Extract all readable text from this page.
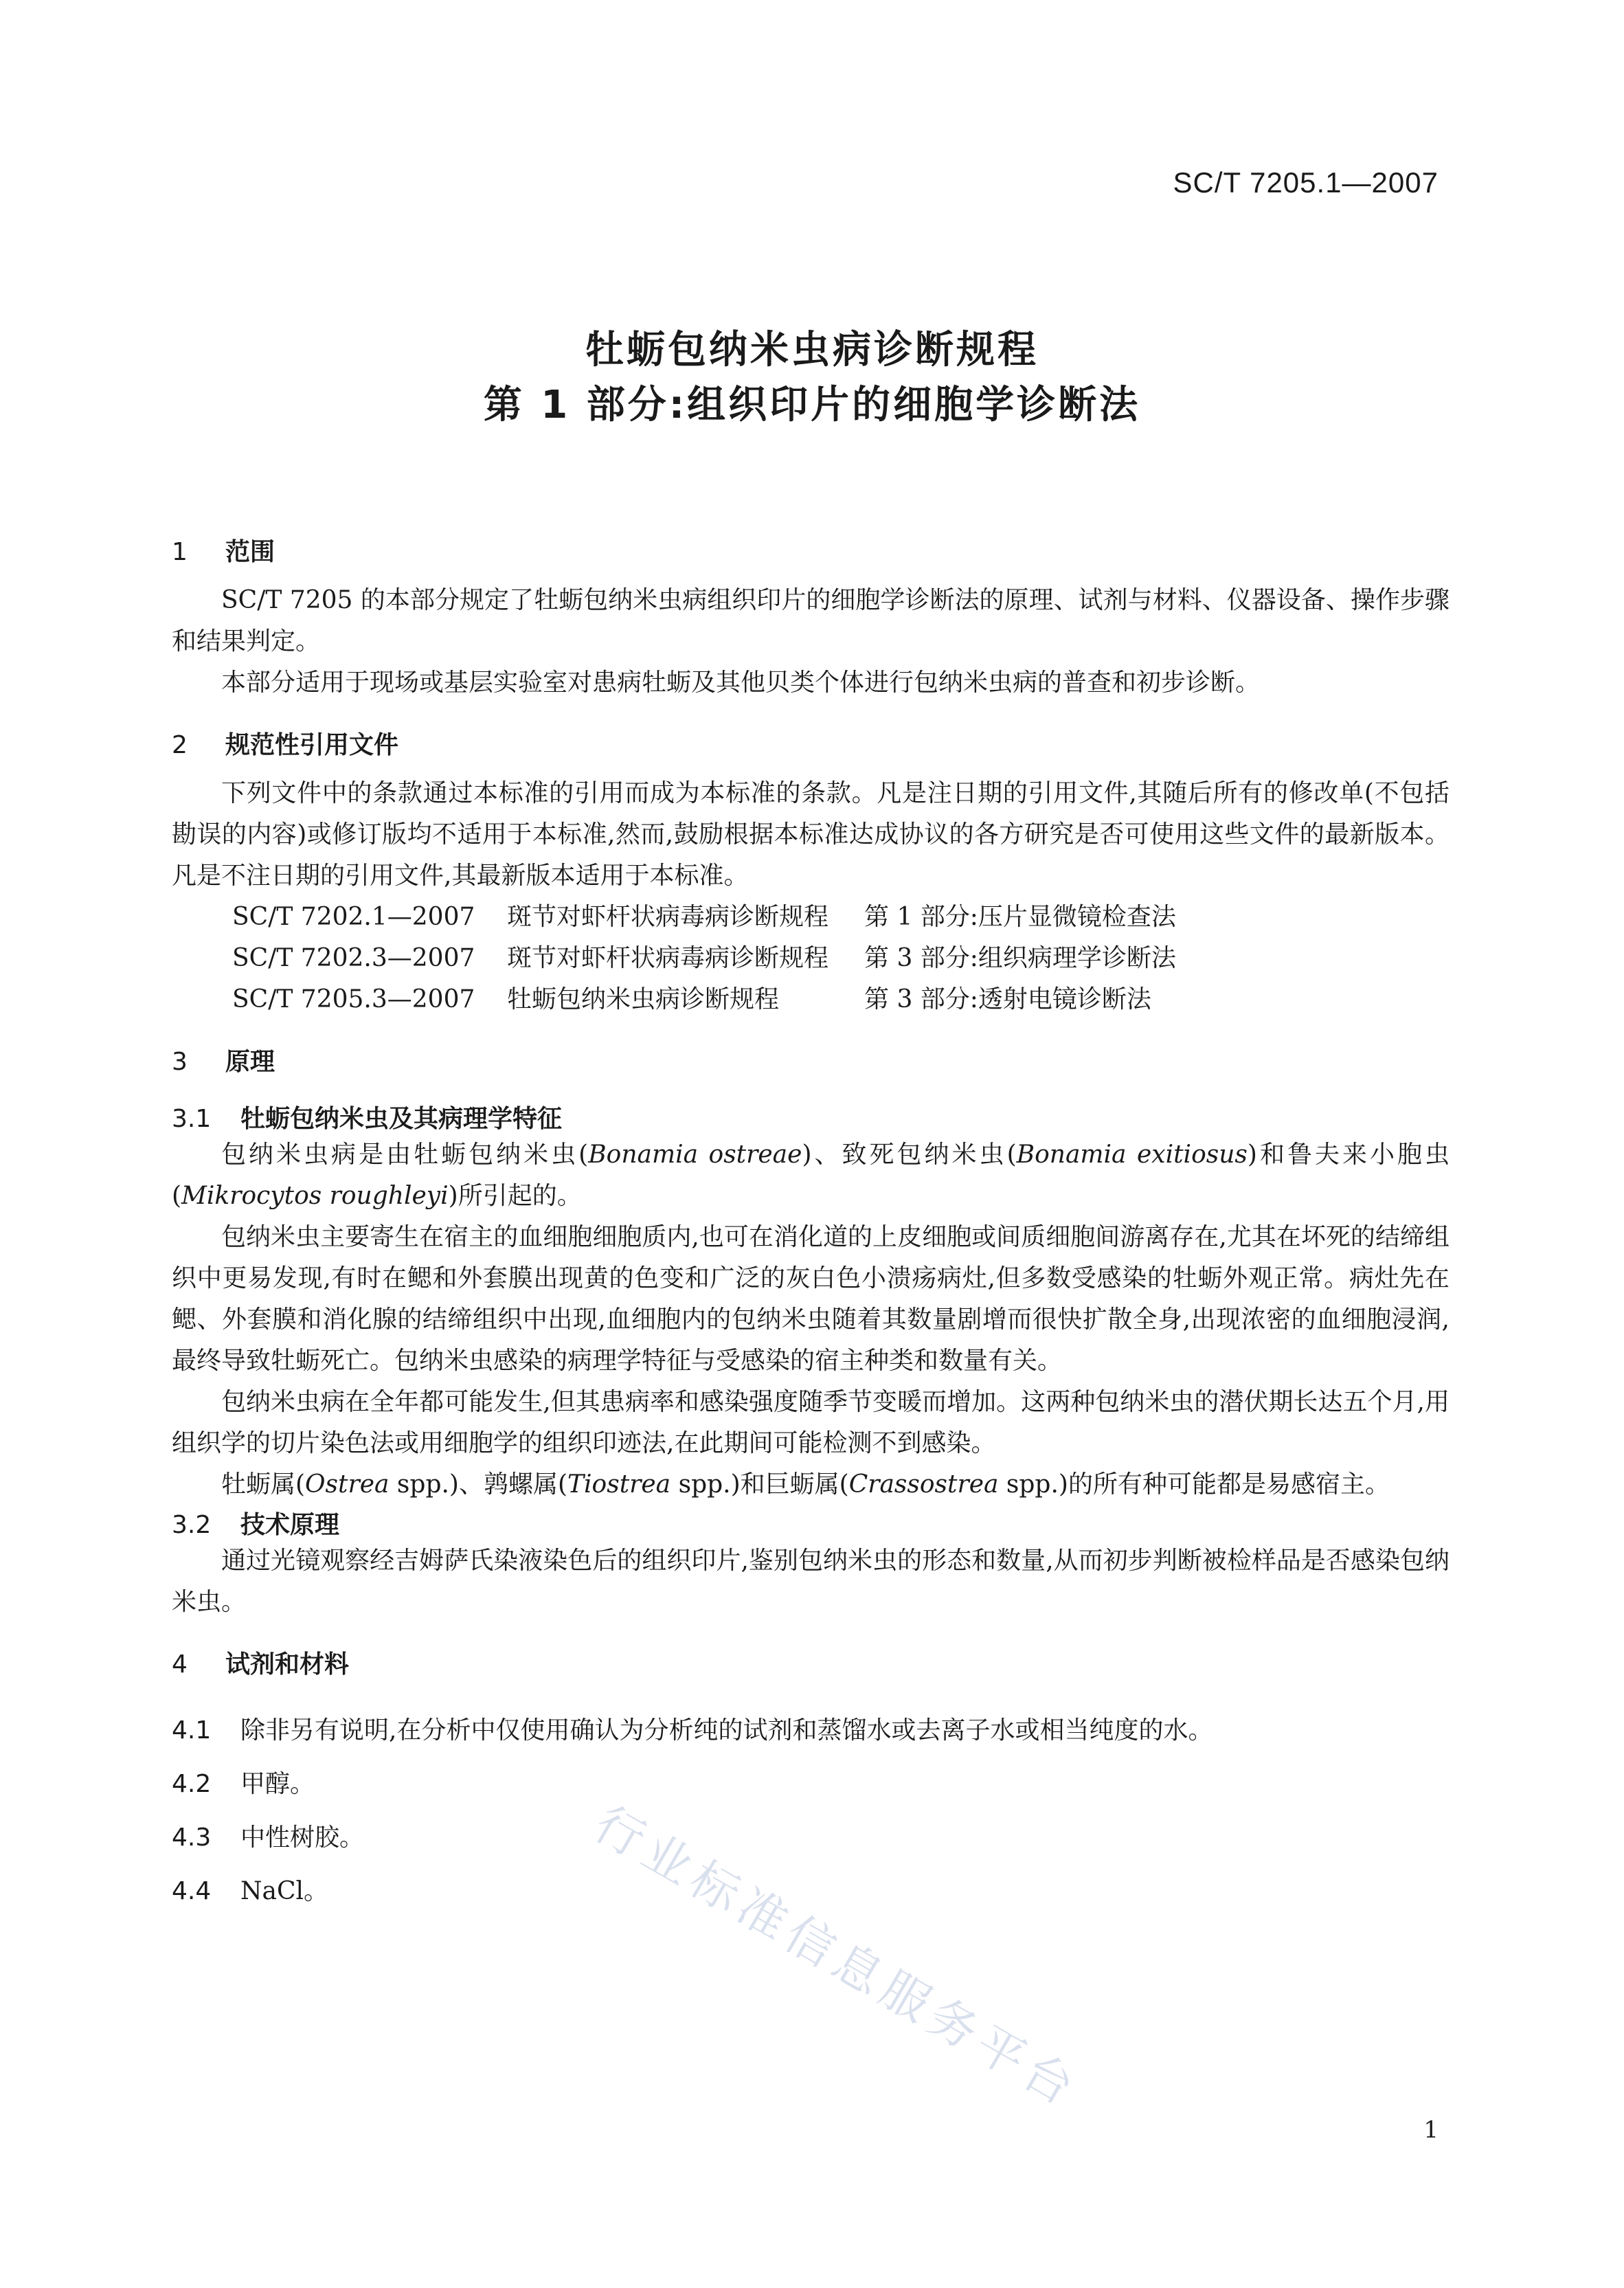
SC/T 7205.1—2007
牡蛎包纳米虫病诊断规程
第 1 部分:组织印片的细胞学诊断法

1 范围

SC/T 7205 的本部分规定了牡蛎包纳米虫病组织印片的细胞学诊断法的原理、试剂与材料、仪器设备、操作步骤和结果判定。

本部分适用于现场或基层实验室对患病牡蛎及其他贝类个体进行包纳米虫病的普查和初步诊断。

2 规范性引用文件

下列文件中的条款通过本标准的引用而成为本标准的条款。凡是注日期的引用文件,其随后所有的修改单(不包括勘误的内容)或修订版均不适用于本标准,然而,鼓励根据本标准达成协议的各方研究是否可使用这些文件的最新版本。凡是不注日期的引用文件,其最新版本适用于本标准。

SC/T 7202.1—2007 斑节对虾杆状病毒病诊断规程 第 1 部分:压片显微镜检查法

SC/T 7202.3—2007 斑节对虾杆状病毒病诊断规程 第 3 部分:组织病理学诊断法

SC/T 7205.3—2007 牡蛎包纳米虫病诊断规程	第 3 部分:透射电镜诊断法

3 原理

3.1 牡蛎包纳米虫及其病理学特征

包纳米虫病是由牡蛎包纳米虫(Bonamia ostreae)、致死包纳米虫(Bonamia exitiosus)和鲁夫来小胞虫(Mikrocytos roughleyi)所引起的。

包纳米虫主要寄生在宿主的血细胞细胞质内,也可在消化道的上皮细胞或间质细胞间游离存在,尤其在坏死的结缔组织中更易发现,有时在鳃和外套膜出现黄的色变和广泛的灰白色小溃疡病灶,但多数受感染的牡蛎外观正常。病灶先在鳃、外套膜和消化腺的结缔组织中出现,血细胞内的包纳米虫随着其数量剧增而很快扩散全身,出现浓密的血细胞浸润,最终导致牡蛎死亡。包纳米虫感染的病理学特征与受感染的宿主种类和数量有关。

包纳米虫病在全年都可能发生,但其患病率和感染强度随季节变暖而增加。这两种包纳米虫的潜伏期长达五个月,用组织学的切片染色法或用细胞学的组织印迹法,在此期间可能检测不到感染。

牡蛎属(Ostrea spp.)、鹑螺属(Tiostrea spp.)和巨蛎属(Crassostrea spp.)的所有种可能都是易感宿主。

3.2 技术原理

通过光镜观察经吉姆萨氏染液染色后的组织印片,鉴别包纳米虫的形态和数量,从而初步判断被检样品是否感染包纳米虫。

4 试剂和材料

4.1 除非另有说明,在分析中仅使用确认为分析纯的试剂和蒸馏水或去离子水或相当纯度的水。

4.2 甲醇。

4.3 中性树胶。

4.4 NaCl。	行业标准信息服务平台
1
